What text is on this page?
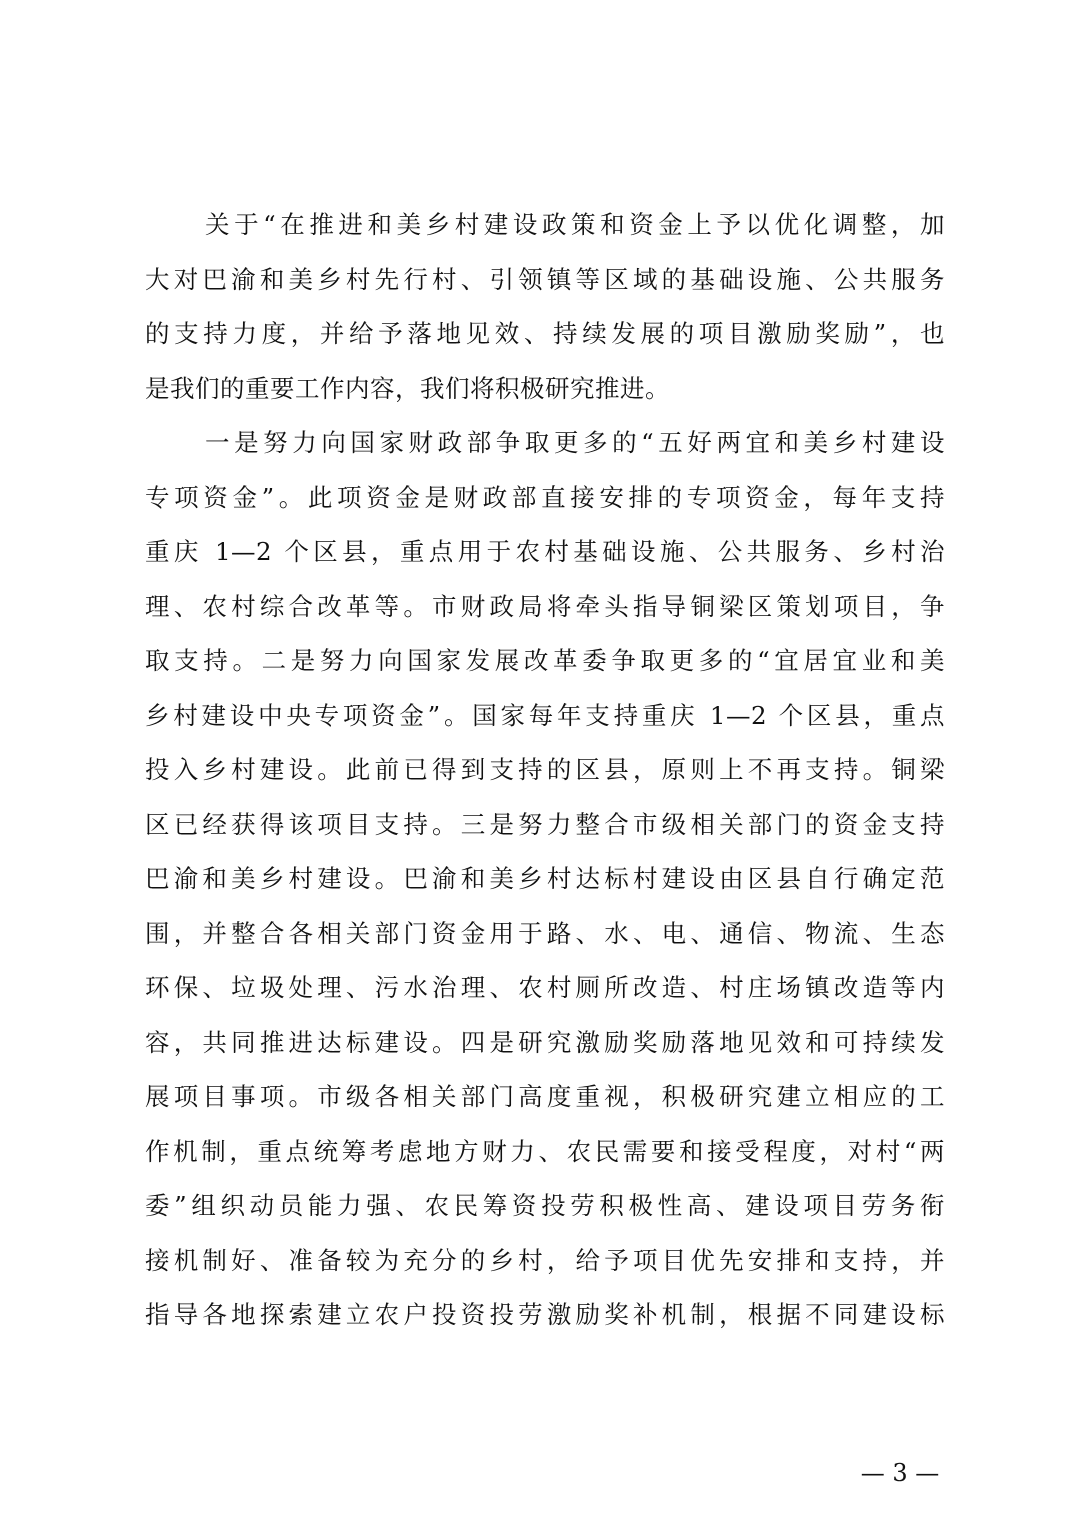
关于“在推进和美乡村建设政策和资金上予以优化调整，加
大对巴渝和美乡村先行村、引领镇等区域的基础设施、公共服务
的支持力度，并给予落地见效、持续发展的项目激励奖励”，也
是我们的重要工作内容，我们将积极研究推进。
一是努力向国家财政部争取更多的“五好两宜和美乡村建设
专项资金”。此项资金是财政部直接安排的专项资金，每年支持
重庆 1—2 个区县，重点用于农村基础设施、公共服务、乡村治
理、农村综合改革等。市财政局将牵头指导铜梁区策划项目，争
取支持。二是努力向国家发展改革委争取更多的“宜居宜业和美
乡村建设中央专项资金”。国家每年支持重庆 1—2 个区县，重点
投入乡村建设。此前已得到支持的区县，原则上不再支持。铜梁
区已经获得该项目支持。三是努力整合市级相关部门的资金支持
巴渝和美乡村建设。巴渝和美乡村达标村建设由区县自行确定范
围，并整合各相关部门资金用于路、水、电、通信、物流、生态
环保、垃圾处理、污水治理、农村厕所改造、村庄场镇改造等内
容，共同推进达标建设。四是研究激励奖励落地见效和可持续发
展项目事项。市级各相关部门高度重视，积极研究建立相应的工
作机制，重点统筹考虑地方财力、农民需要和接受程度，对村“两
委”组织动员能力强、农民筹资投劳积极性高、建设项目劳务衔
接机制好、准备较为充分的乡村，给予项目优先安排和支持，并
指导各地探索建立农户投资投劳激励奖补机制，根据不同建设标
— 3 —
